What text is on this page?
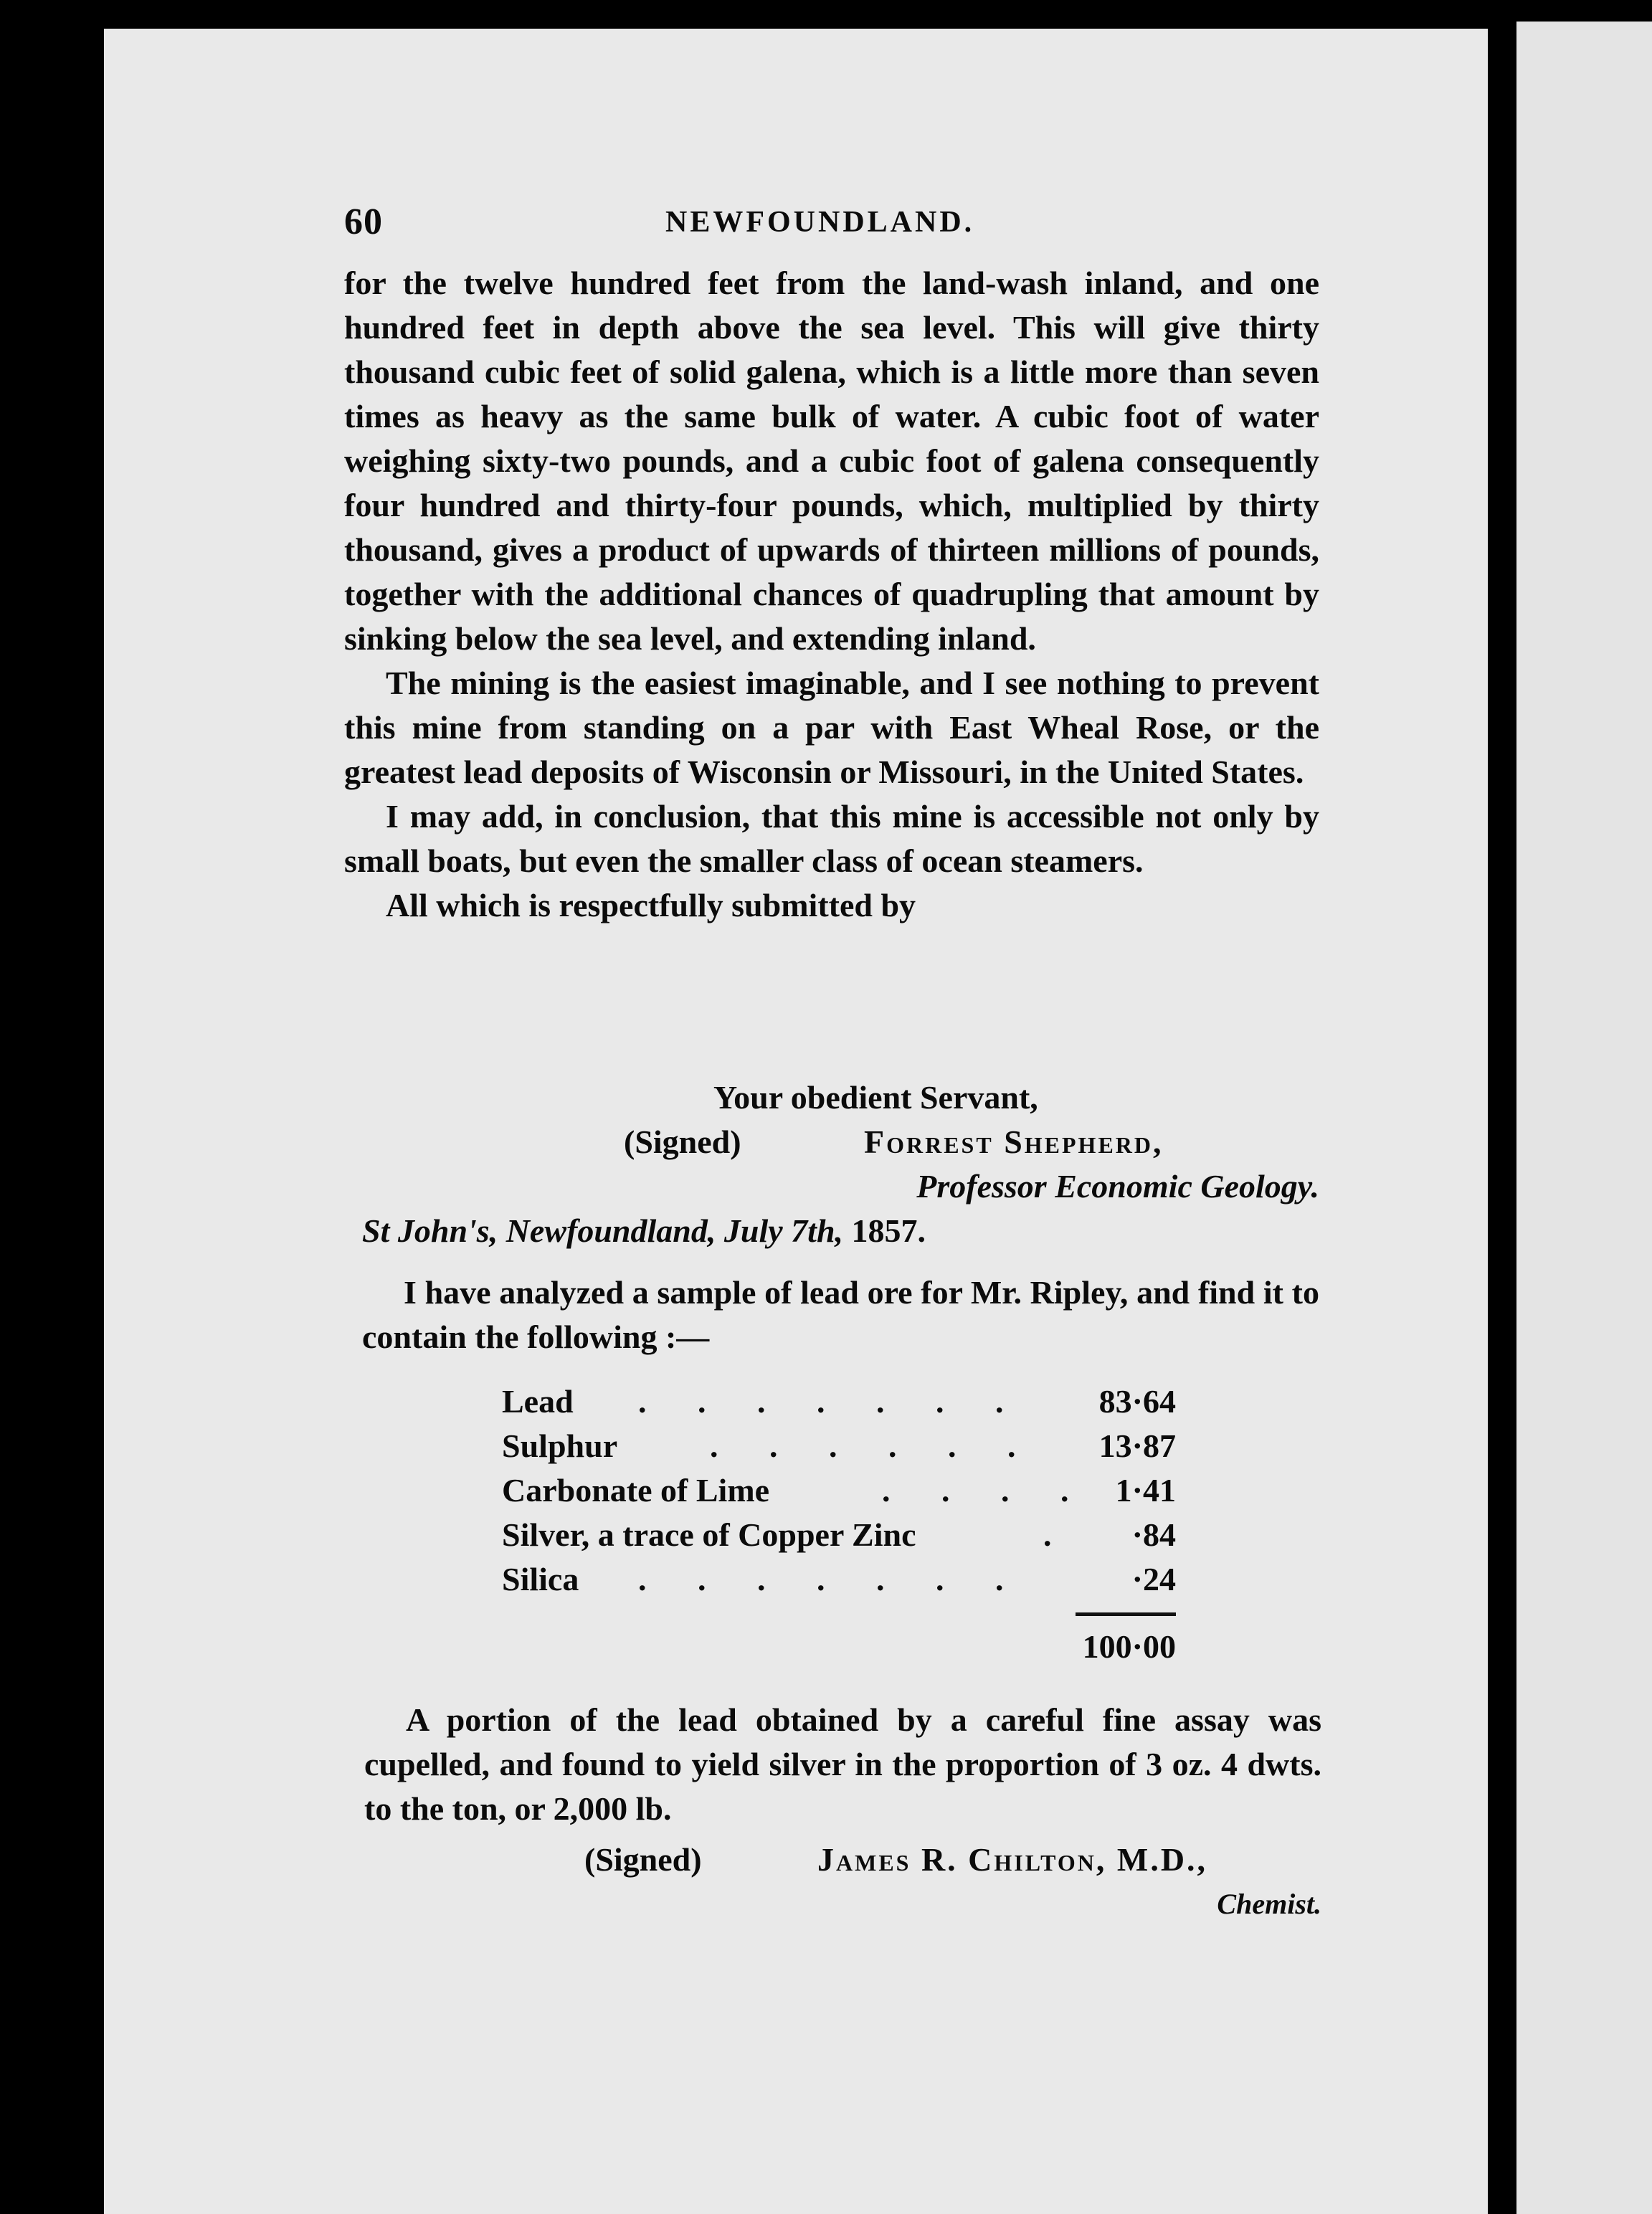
60	NEWFOUNDLAND.

for the twelve hundred feet from the land-wash inland, and one hundred feet in depth above the sea level. This will give thirty thousand cubic feet of solid galena, which is a little more than seven times as heavy as the same bulk of water. A cubic foot of water weighing sixty-two pounds, and a cubic foot of galena consequently four hundred and thirty-four pounds, which, multiplied by thirty thousand, gives a product of upwards of thirteen millions of pounds, together with the additional chances of quadrupling that amount by sinking below the sea level, and extending inland.

The mining is the easiest imaginable, and I see nothing to prevent this mine from standing on a par with East Wheal Rose, or the greatest lead deposits of Wisconsin or Missouri, in the United States.

I may add, in conclusion, that this mine is accessible not only by small boats, but even the smaller class of ocean steamers.

All which is respectfully submitted by

Your obedient Servant,
(Signed)	Forrest Shepherd,
Professor Economic Geology.
St John's, Newfoundland, July 7th, 1857.
I have analyzed a sample of lead ore for Mr. Ripley, and find it to contain the following :—
Lead . . . . . . . 83·64
Sulphur	. . . . . . 13·87
Carbonate of Lime	. . . . 1·41
Silver, a trace of Copper Zinc	. ·84
Silica . . . . . . .	·24
100·00
A portion of the lead obtained by a careful fine assay was cupelled, and found to yield silver in the proportion of 3 oz. 4 dwts. to the ton, or 2,000 lb.
(Signed)	James R. Chilton, M.D.,
Chemist.
